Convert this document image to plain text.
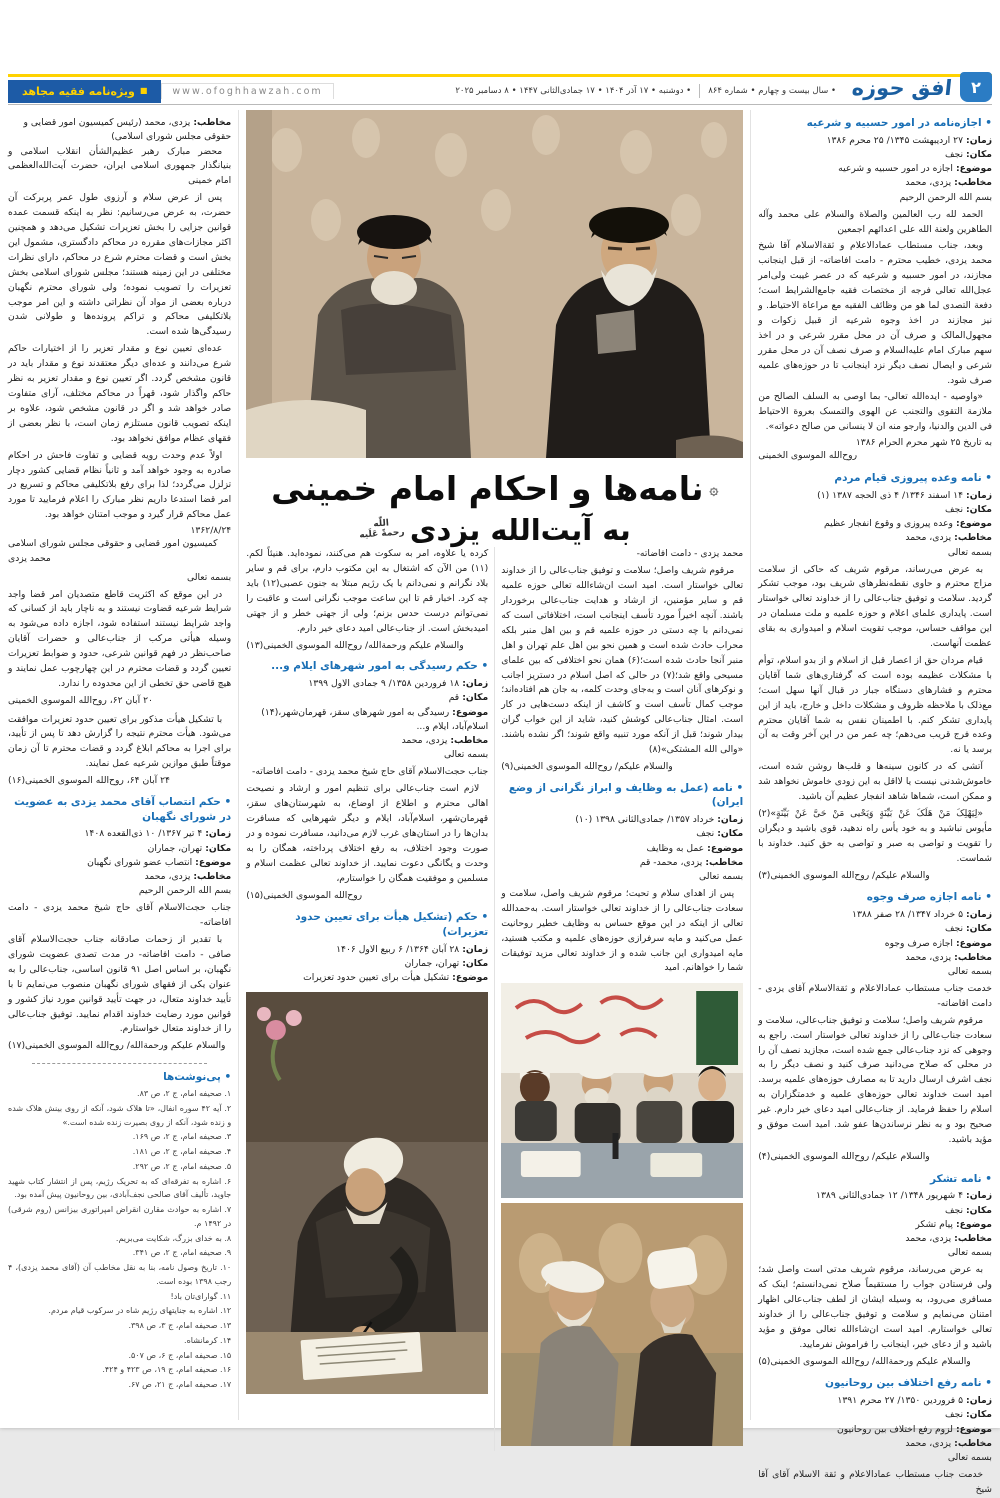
۲
افق حوزه
• سال بیست و چهارم • شماره ۸۶۴
• دوشنبه • ۱۷ آذر ۱۴۰۴ • ۱۷ جمادی‌الثانی ۱۴۴۷ • ۸ دسامبر ۲۰۲۵
www.ofoghhawzah.com
■ویژه‌نامه فقیه مجاهد
• اجازه‌نامه در امور حسبیه و شرعیه
زمان:۲۷ اردیبهشت ۱۳۴۵/ ۲۵ محرم ۱۳۸۶
مکان:نجف
موضوع:اجازه در امور حسبیه و شرعیه
مخاطب:یزدی، محمد

بسم الله الرحمن الرحیم

الحمد لله رب العالمین والصلاة والسلام علی محمد وآله الطاهرین ولعنة الله علی اعدائهم اجمعین

وبعد، جناب مستطاب عمادالاعلام و ثقةالاسلام آقا شیخ محمد یزدی، خطیب محترم - دامت افاضاته- از قبل اینجانب مجازند، در امور حسبیه و شرعیه که در عصر غیبت ولی‌امر عجل‌الله تعالی فرجه از مختصات فقیه جامع‌الشرایط است؛ دفعة التصدی لما هو من وظائف الفقیه مع مراعاة الاحتیاط. و نیز مجازند در اخذ وجوه شرعیه از قبیل زکوات و مجهول‌المالک و صرف آن در محل مقرر شرعی و در اخذ سهم مبارک امام علیه‌السلام و صرف نصف آن در محل مقرر شرعی و ایصال نصف دیگر نزد اینجانب تا در حوزه‌های علمیه صرف شود.

«واوصیه - ایده‌الله تعالی- بما اوصی به السلف الصالح من ملازمة التقوی والتجنب عن الهوی والتمسک بعروة الاحتیاط فی الدین والدنیا، وارجو منه ان لا ینسانی من صالح دعواته».

به تاریخ ۲۵ شهر محرم الحرام ۱۳۸۶
روح‌الله الموسوی الخمینی
• نامه وعده پیروزی قیام مردم
زمان:۱۴ اسفند ۱۳۴۶/ ۴ ذی الحجه ۱۳۸۷ (۱)
مکان:نجف
موضوع:وعده پیروزی و وقوع انفجار عظیم
مخاطب:یزدی، محمد

بسمه تعالی

به عرض می‌رساند، مرقوم شریف که حاکی از سلامت مزاج محترم و حاوی نقطه‌نظرهای شریف بود، موجب تشکر گردید. سلامت و توفیق جناب‌عالی را از خداوند تعالی خواستار است. پایداری علمای اعلام و حوزه علمیه و ملت مسلمان در این مواقف حساس، موجب تقویت اسلام و امیدواری به بقای عظمت آنهاست.

قیام مردان حق از اعصار قبل از اسلام و از بدو اسلام، توأم با مشکلات عظیمه بوده است که گرفتاری‌های شما آقایان محترم و فشارهای دستگاه جبار در قبال آنها سهل است؛ مع‌ذلک با ملاحظه ظروف و مشکلات داخل و خارج، باید از این پایداری تشکر کنم. با اطمینان نفس به شما آقایان محترم وعده فرج قریب می‌دهم؛ چه عمر من در این آخر وقت به آن برسد یا نه.

آتشی که در کانون سینه‌ها و قلب‌ها روشن شده است، خاموش‌شدنی نیست یا لااقل به این زودی خاموش نخواهد شد و ممکن است، شماها شاهد انفجار عظیم آن باشید.

«لِیَهْلِکَ مَنْ هَلَکَ عَنْ بَیِّنَةٍ وَیَحْیی مَنْ حَیَّ عَنْ بَیِّنَةٍ»(۲) مأیوس نباشید و به خود یأس راه ندهید، قوی باشید و دیگران را تقویت و تواصی به صبر و تواصی به حق کنید. خداوند با شماست.

والسلام علیکم/ روح‌الله الموسوی الخمینی(۳)
• نامه اجازه صرف وجوه
زمان:۵ خرداد ۱۳۴۷/ ۲۸ صفر ۱۳۸۸
مکان:نجف
موضوع:اجازه صرف وجوه
مخاطب:یزدی، محمد

بسمه تعالی

خدمت جناب مستطاب عمادالاعلام و ثقةالاسلام آقای یزدی - دامت افاضاته-

مرقوم شریف واصل؛ سلامت و توفیق جناب‌عالی، سلامت و سعادت جناب‌عالی را از خداوند تعالی خواستار است. راجع به وجوهی که نزد جناب‌عالی جمع شده است، مجازید نصف آن را در محلی که صلاح می‌دانید صرف کنید و نصف دیگر را به نجف اشرف ارسال دارید تا به مصارف حوزه‌های علمیه برسد. امید است خداوند تعالی حوزه‌های علمیه و خدمتگزاران به اسلام را حفظ فرماید. از جناب‌عالی امید دعای خیر دارم. غیر صحیح بود و به نظر نرساندن‌ها عفو شد. امید است موفق و مؤید باشید.

والسلام علیکم/ روح‌الله الموسوی الخمینی(۴)
• نامه تشکر
زمان:۴ شهریور ۱۳۴۸/ ۱۲ جمادی‌الثانی ۱۳۸۹
مکان:نجف
موضوع:پیام تشکر
مخاطب:یزدی، محمد

بسمه تعالی

به عرض می‌رساند، مرقوم شریف مدتی است واصل شد؛ ولی فرستادن جواب را مستقیماً صلاح نمی‌دانستم؛ اینک که مسافری می‌رود، به وسیله ایشان از لطف جناب‌عالی اظهار امتنان می‌نمایم و سلامت و توفیق جناب‌عالی را از خداوند تعالی خواستارم. امید است ان‌شاءالله تعالی موفق و مؤید باشید و از دعای خیر، اینجانب را فراموش نفرمایید.

والسلام علیکم ورحمةالله/ روح‌الله الموسوی الخمینی(۵)
• نامه رفع اختلاف بین روحانیون
زمان:۵ فروردین ۱۳۵۰/ ۲۷ محرم ۱۳۹۱
مکان:نجف
موضوع:لزوم رفع اختلاف بین روحانیون
مخاطب:یزدی، محمد

بسمه تعالی

خدمت جناب مستطاب عمادالاعلام و ثقة الاسلام آقای آقا شیخ

۞نامه‌ها و احکام امام خمینی
به آیت‌الله یزدیاللّٰه
رحمةً عَلَیه

محمد یزدی - دامت افاضاته-

مرقوم شریف واصل؛ سلامت و توفیق جناب‌عالی را از خداوند تعالی خواستار است. امید است ان‌شاءالله تعالی حوزه علمیه قم و سایر مؤمنین، از ارشاد و هدایت جناب‌عالی برخوردار باشند. آنچه اخیراً مورد تأسف اینجانب است، اختلافاتی است که نمی‌دانم با چه دستی در حوزه علمیه قم و بین اهل منبر بلکه محراب حادث شده است و همین نحو بین اهل علم تهران و اهل منبر آنجا حادث شده است؛(۶) همان نحو اختلافی که بین علمای مسیحی واقع شد؛(۷) در حالی که اصل اسلام در دستریز اجانب و نوکرهای آنان است و به‌جای وحدت کلمه، به جان هم افتاده‌اند؛ موجب کمال تأسف است و کاشف از اینکه دست‌هایی در کار است. امثال جناب‌عالی کوشش کنید، شاید از این خواب گران بیدار شوند؛ قبل از آنکه مورد تنبیه واقع شوند؛ اگر نشده باشند. «والی الله المشتکی»(۸)

والسلام علیکم/ روح‌الله الموسوی الخمینی(۹)
• نامه (عمل به وظایف و ابراز نگرانی از وضع ایران)
زمان:خرداد ۱۳۵۷/ جمادی‌الثانی ۱۳۹۸ (۱۰)
مکان:نجف
موضوع:عمل به وظایف
مخاطب:یزدی، محمد- قم

بسمه تعالی

پس از اهدای سلام و تحیت؛ مرقوم شریف واصل، سلامت و سعادت جناب‌عالی را از خداوند تعالی خواستار است. به‌حمدالله تعالی از اینکه در این موقع حساس به وظایف خطیر روحانیت عمل می‌کنید و مایه سرفرازی حوزه‌های علمیه و مکتب هستید، مایه امیدواری این جانب شده و از خداوند تعالی مزید توفیقات شما را خواهانم. امید

کرده یا علاوه، امر به سکوت هم می‌کنند، نموده‌اید. هنیئاً لکم.(۱۱) من الآن که اشتغال به این مکتوب دارم، برای قم و سایر بلاد نگرانم و نمی‌دانم با یک رژیم مبتلا به جنون عصبی(۱۲) باید چه کرد. اخبار قم تا این ساعت موجب نگرانی است و عاقبت را نمی‌توانم درست حدس بزنم؛ ولی از جهتی خطر و از جهتی امیدبخش است. از جناب‌عالی امید دعای خیر دارم.

والسلام علیکم ورحمةالله/ روح‌الله الموسوی الخمینی(۱۳)
• حکم رسیدگی به امور شهرهای ایلام و...
زمان:۱۸ فروردین ۱۳۵۸/ ۹ جمادی الاول ۱۳۹۹
مکان:قم
موضوع:رسیدگی به امور شهرهای سقز، قهرمان‌شهر،(۱۴) اسلام‌آباد، ایلام و...
مخاطب:یزدی، محمد

بسمه تعالی

جناب حجت‌الاسلام آقای حاج شیخ محمد یزدی - دامت افاضاته-

لازم است جناب‌عالی برای تنظیم امور و ارشاد و نصیحت اهالی محترم و اطلاع از اوضاع، به شهرستان‌های سقز، قهرمان‌شهر، اسلام‌آباد، ایلام و دیگر شهرهایی که مسافرت بدان‌ها را در استان‌های غرب لازم می‌دانید، مسافرت نموده و در صورت وجود اختلاف، به رفع اختلاف پرداخته، همگان را به وحدت و یگانگی دعوت نمایید. از خداوند تعالی عظمت اسلام و مسلمین و موفقیت همگان را خواستارم،

روح‌الله الموسوی الخمینی(۱۵)
• حکم (تشکیل هیأت برای تعیین حدود تعزیرات)
زمان:۲۸ آبان ۱۳۶۴/ ۶ ربیع الاول ۱۴۰۶
مکان:تهران، جماران
موضوع:تشکیل هیأت برای تعیین حدود تعزیرات
مخاطب:یزدی، محمد (رئیس کمیسیون امور قضایی و حقوقی مجلس شورای اسلامی)

محضر مبارک رهبر عظیم‌الشأن انقلاب اسلامی و بنیانگذار جمهوری اسلامی ایران، حضرت آیت‌الله‌العظمی امام خمینی

پس از عرض سلام و آرزوی طول عمر پربرکت آن حضرت، به عرض می‌رسانیم: نظر به اینکه قسمت عمده قوانین جزایی را بخش تعزیرات تشکیل می‌دهد و همچنین اکثر مجازات‌های مقرره در محاکم دادگستری، مشمول این بخش است و قضات محترم شرع در محاکم، دارای نظرات مختلفی در این زمینه هستند؛ مجلس شورای اسلامی بخش تعزیرات را تصویب نموده؛ ولی شورای محترم نگهبان درباره بعضی از مواد آن نظراتی داشته و این امر موجب بلاتکلیفی محاکم و تراکم پرونده‌ها و طولانی شدن رسیدگی‌ها شده است.

عده‌ای تعیین نوع و مقدار تعزیر را از اختیارات حاکم شرع می‌دانند و عده‌ای دیگر معتقدند نوع و مقدار باید در قانون مشخص گردد. اگر تعیین نوع و مقدار تعزیر به نظر حاکم واگذار شود، قهراً در محاکم مختلف، آرای متفاوت صادر خواهد شد و اگر در قانون مشخص شود، علاوه بر اینکه تصویب قانون مستلزم زمان است، با نظر بعضی از فقهای عظام موافق نخواهد بود.

اولاً عدم وحدت رویه قضایی و تفاوت فاحش در احکام صادره به وجود خواهد آمد و ثانیاً نظام قضایی کشور دچار تزلزل می‌گردد؛ لذا برای رفع بلاتکلیفی محاکم و تسریع در امر قضا استدعا داریم نظر مبارک را اعلام فرمایید تا مورد عمل محاکم قرار گیرد و موجب امتنان خواهد بود.

۱۳۶۲/۸/۲۴
کمیسیون امور قضایی و حقوقی مجلس شورای اسلامی محمد یزدی

بسمه تعالی

در این موقع که اکثریت قاطع متصدیان امر قضا واجد شرایط شرعیه قضاوت نیستند و به ناچار باید از کسانی که واجد شرایط نیستند استفاده شود، اجازه داده می‌شود به وسیله هیأتی مرکب از جناب‌عالی و حضرات آقایان صاحب‌نظر در فهم قوانین شرعی، حدود و ضوابط تعزیرات تعیین گردد و قضات محترم در این چهارچوب عمل نمایند و هیچ قاضی حق تخطی از این محدوده را ندارد.

۲۰ آبان ۶۲، روح‌الله الموسوی الخمینی

با تشکیل هیأت مذکور برای تعیین حدود تعزیرات موافقت می‌شود. هیأت محترم نتیجه را گزارش دهد تا پس از تأیید، برای اجرا به محاکم ابلاغ گردد و قضات محترم تا آن زمان موقتاً طبق موازین شرعیه عمل نمایند.

۲۴ آبان ۶۴، روح‌الله الموسوی الخمینی(۱۶)
• حکم انتصاب آقای محمد یزدی به عضویت در شورای نگهبان
زمان:۴ تیر ۱۳۶۷/ ۱۰ ذی‌القعده ۱۴۰۸
مکان:تهران، جماران
موضوع:انتصاب عضو شورای نگهبان
مخاطب:یزدی، محمد

بسم الله الرحمن الرحیم

جناب حجت‌الاسلام آقای حاج شیخ محمد یزدی - دامت افاضاته-

با تقدیر از زحمات صادقانه جناب حجت‌الاسلام آقای صافی - دامت افاضاته- در مدت تصدی عضویت شورای نگهبان، بر اساس اصل ۹۱ قانون اساسی، جناب‌عالی را به عنوان یکی از فقهای شورای نگهبان منصوب می‌نمایم تا با تأیید خداوند متعال، در جهت تأیید قوانین مورد نیاز کشور و قوانین مورد رضایت خداوند اقدام نمایید. توفیق جناب‌عالی را از خداوند متعال خواستارم.

والسلام علیکم ورحمةالله/ روح‌الله الموسوی الخمینی(۱۷)
• پی‌نوشت‌ها
۱. صحیفه امام، ج ۲، ص ۸۳.
۲. آیه ۴۲ سوره انفال، «تا هلاک شود، آنکه از روی بینش هلاک شده و زنده شود، آنکه از روی بصیرت زنده شده است.»
۳. صحیفه امام، ج ۲، ص ۱۶۹.
۴. صحیفه امام، ج ۲، ص ۱۸۱.
۵. صحیفه امام، ج ۲، ص ۲۹۲.
۶. اشاره به تفرقه‌ای که به تحریک رژیم، پس از انتشار کتاب شهید جاوید، تألیف آقای صالحی نجف‌آبادی، بین روحانیون پیش آمده بود.
۷. اشاره به حوادث مقارن انقراض امپراتوری بیزانس (روم شرقی) در ۱۴۹۲ م.
۸. به خدای بزرگ، شکایت می‌بریم.
۹. صحیفه امام، ج ۲، ص ۳۴۱.
۱۰. تاریخ وصول نامه، بنا به نقل مخاطب آن (آقای محمد یزدی)، ۴ رجب ۱۳۹۸ بوده است.
۱۱. گوارای‌تان باد!
۱۲. اشاره به جنایتهای رژیم شاه در سرکوب قیام مردم.
۱۳. صحیفه امام، ج ۳، ص ۳۹۸.
۱۴. کرمانشاه.
۱۵. صحیفه امام، ج ۶، ص ۵۰۷.
۱۶. صحیفه امام، ج ۱۹، ص ۴۲۳ و ۴۲۴.
۱۷. صحیفه امام، ج ۲۱، ص ۶۷.
